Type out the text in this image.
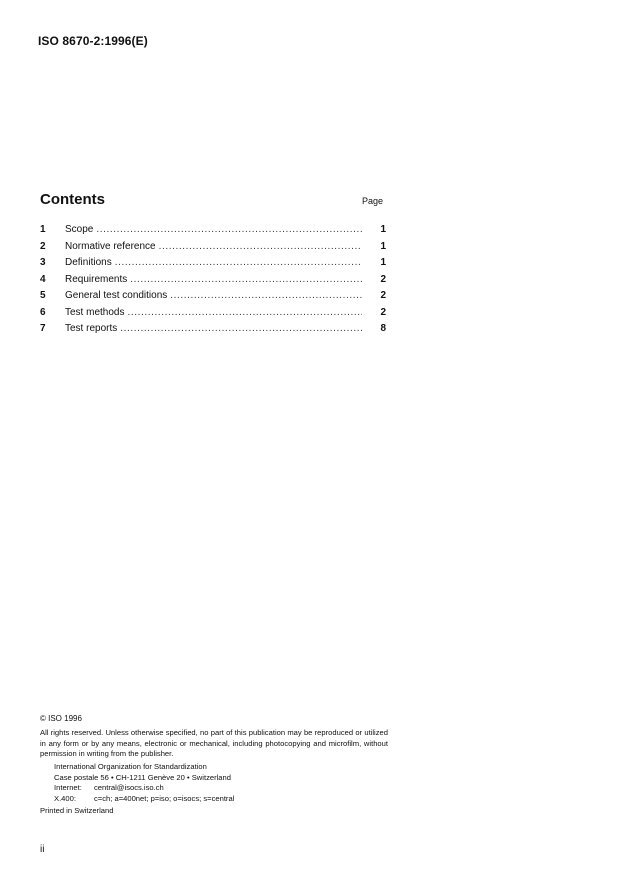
ISO 8670-2:1996(E)
Contents	Page
1	Scope .....	1
2	Normative reference .....	1
3	Definitions .....	1
4	Requirements .....	2
5	General test conditions .....	2
6	Test methods .....	2
7	Test reports .....	8
© ISO 1996
All rights reserved. Unless otherwise specified, no part of this publication may be reproduced or utilized in any form or by any means, electronic or mechanical, including photocopying and microfilm, without permission in writing from the publisher.
International Organization for Standardization
Case postale 56 • CH-1211 Genève 20 • Switzerland
Internet: central@isocs.iso.ch
X.400: c=ch; a=400net; p=iso; o=isocs; s=central
Printed in Switzerland
ii
